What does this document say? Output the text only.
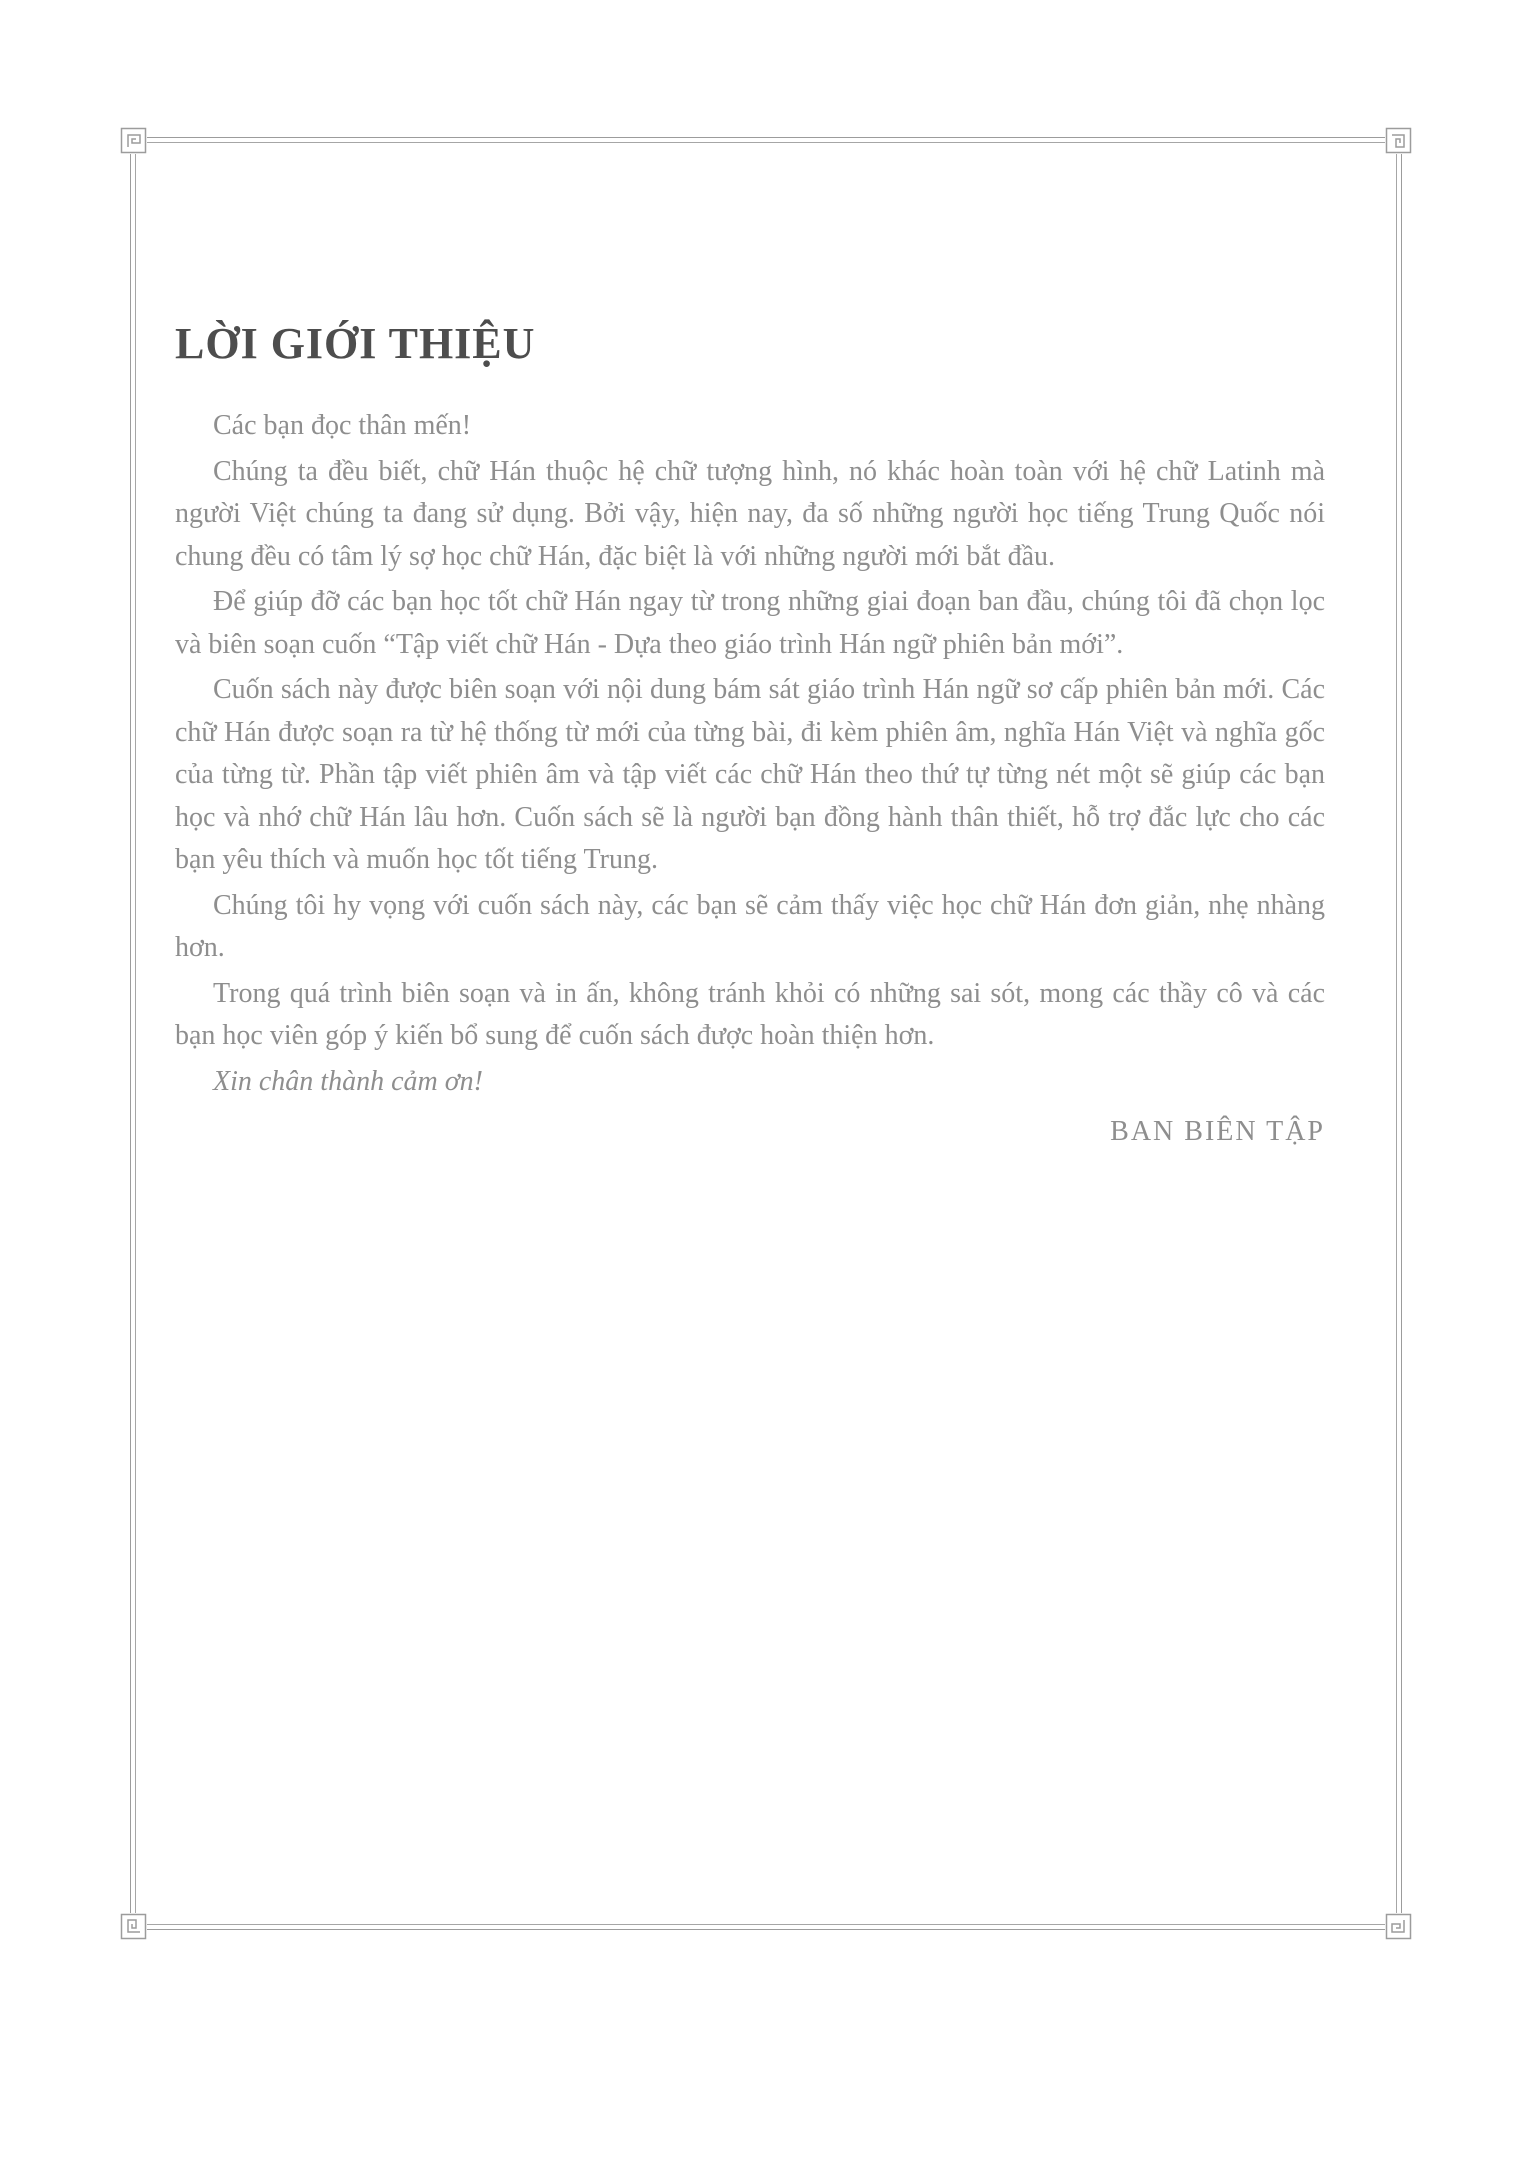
LỜI GIỚI THIỆU

Các bạn đọc thân mến!

Chúng ta đều biết, chữ Hán thuộc hệ chữ tượng hình, nó khác hoàn toàn với hệ chữ Latinh mà người Việt chúng ta đang sử dụng. Bởi vậy, hiện nay, đa số những người học tiếng Trung Quốc nói chung đều có tâm lý sợ học chữ Hán, đặc biệt là với những người mới bắt đầu.

Để giúp đỡ các bạn học tốt chữ Hán ngay từ trong những giai đoạn ban đầu, chúng tôi đã chọn lọc và biên soạn cuốn “Tập viết chữ Hán - Dựa theo giáo trình Hán ngữ phiên bản mới”.

Cuốn sách này được biên soạn với nội dung bám sát giáo trình Hán ngữ sơ cấp phiên bản mới. Các chữ Hán được soạn ra từ hệ thống từ mới của từng bài, đi kèm phiên âm, nghĩa Hán Việt và nghĩa gốc của từng từ. Phần tập viết phiên âm và tập viết các chữ Hán theo thứ tự từng nét một sẽ giúp các bạn học và nhớ chữ Hán lâu hơn. Cuốn sách sẽ là người bạn đồng hành thân thiết, hỗ trợ đắc lực cho các bạn yêu thích và muốn học tốt tiếng Trung.

Chúng tôi hy vọng với cuốn sách này, các bạn sẽ cảm thấy việc học chữ Hán đơn giản, nhẹ nhàng hơn.

Trong quá trình biên soạn và in ấn, không tránh khỏi có những sai sót, mong các thầy cô và các bạn học viên góp ý kiến bổ sung để cuốn sách được hoàn thiện hơn.

Xin chân thành cảm ơn!

BAN BIÊN TẬP
